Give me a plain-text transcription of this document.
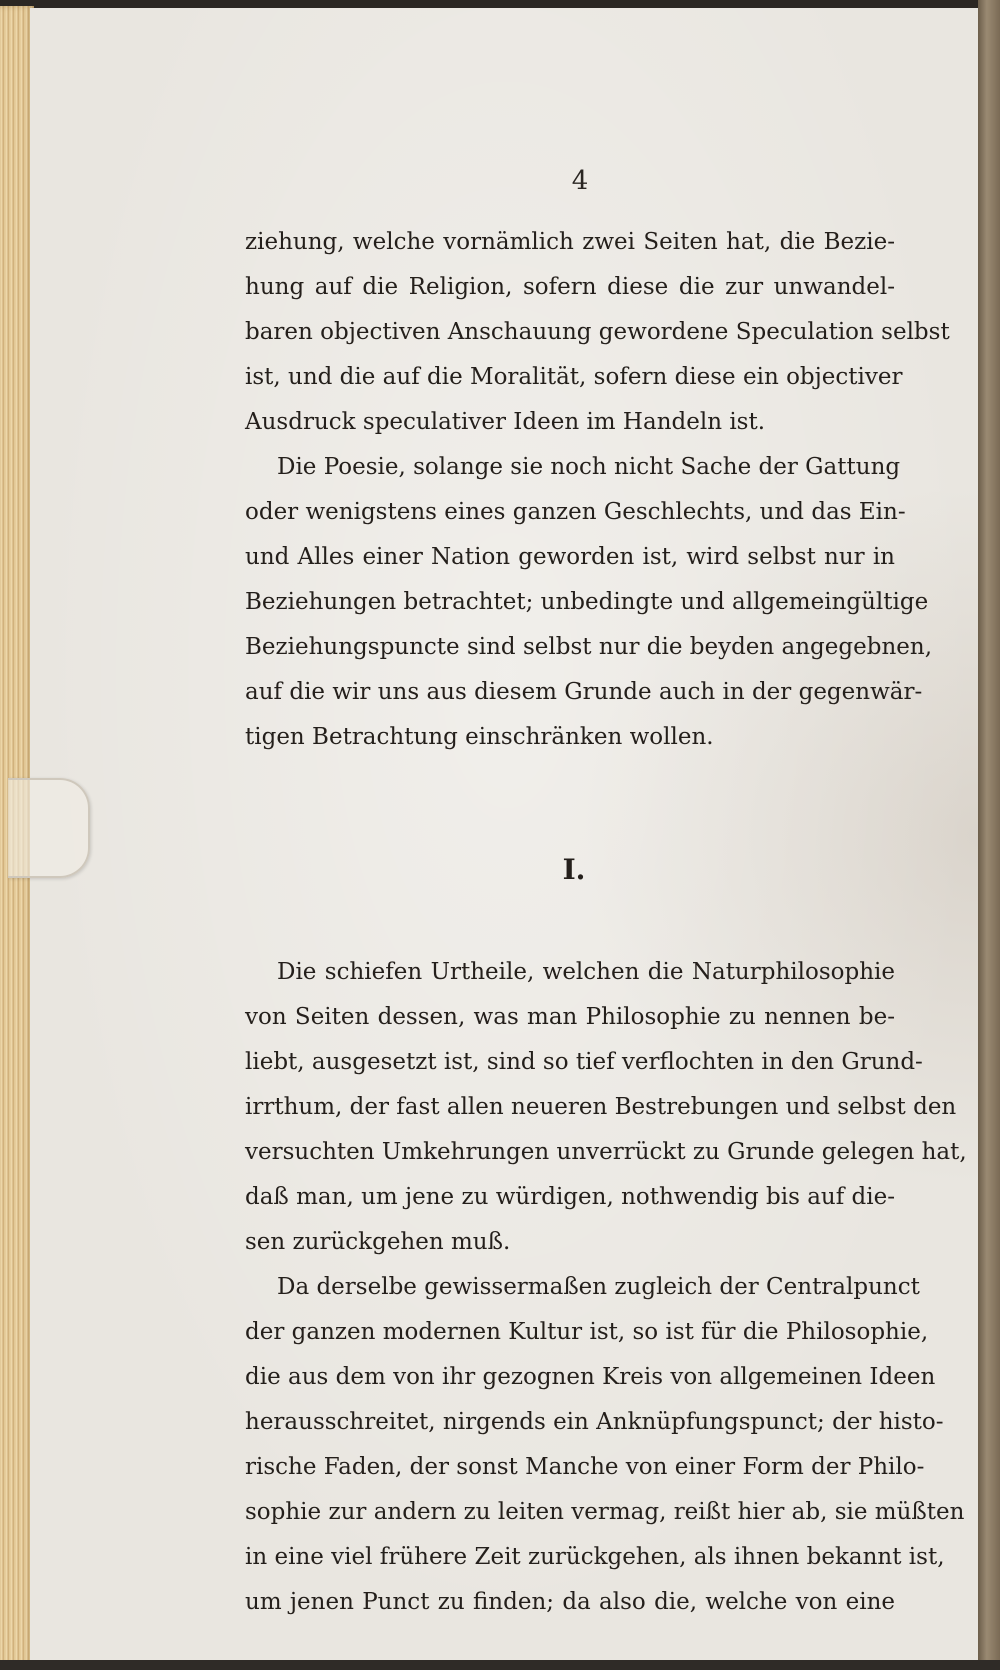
4
ziehung, welche vornämlich zwei Seiten hat, die Bezie-
hung auf die Religion, sofern diese die zur unwandel-
baren objectiven Anschauung gewordene Speculation selbst
ist, und die auf die Moralität, sofern diese ein objectiver
Ausdruck speculativer Ideen im Handeln ist.
Die Poesie, solange sie noch nicht Sache der Gattung
oder wenigstens eines ganzen Geschlechts, und das Ein-
und Alles einer Nation geworden ist, wird selbst nur in
Beziehungen betrachtet; unbedingte und allgemeingültige
Beziehungspuncte sind selbst nur die beyden angegebnen,
auf die wir uns aus diesem Grunde auch in der gegenwär-
tigen Betrachtung einschränken wollen.
I.
Die schiefen Urtheile, welchen die Naturphilosophie
von Seiten dessen, was man Philosophie zu nennen be-
liebt, ausgesetzt ist, sind so tief verflochten in den Grund-
irrthum, der fast allen neueren Bestrebungen und selbst den
versuchten Umkehrungen unverrückt zu Grunde gelegen hat,
daß man, um jene zu würdigen, nothwendig bis auf die-
sen zurückgehen muß.
Da derselbe gewissermaßen zugleich der Centralpunct
der ganzen modernen Kultur ist, so ist für die Philosophie,
die aus dem von ihr gezognen Kreis von allgemeinen Ideen
herausschreitet, nirgends ein Anknüpfungspunct; der histo-
rische Faden, der sonst Manche von einer Form der Philo-
sophie zur andern zu leiten vermag, reißt hier ab, sie müßten
in eine viel frühere Zeit zurückgehen, als ihnen bekannt ist,
um jenen Punct zu finden; da also die, welche von eine
